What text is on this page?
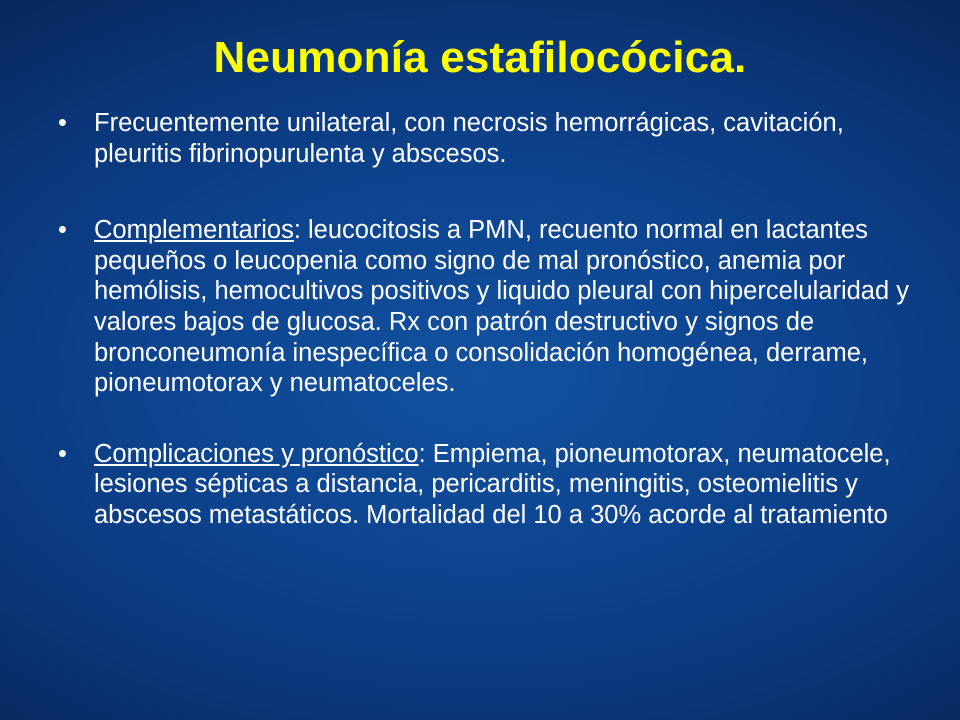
Neumonía estafilocócica.
• Frecuentemente unilateral, con necrosis hemorrágicas, cavitación, pleuritis fibrinopurulenta y abscesos.
• Complementarios: leucocitosis a PMN, recuento normal en lactantes pequeños o leucopenia como signo de mal pronóstico, anemia por hemólisis, hemocultivos positivos y liquido pleural con hipercelularidad y valores bajos de glucosa. Rx con patrón destructivo y signos de bronconeumonía inespecífica o consolidación homogénea, derrame, pioneumotorax y neumatoceles.
• Complicaciones y pronóstico: Empiema, pioneumotorax, neumatocele, lesiones sépticas a distancia, pericarditis, meningitis, osteomielitis y abscesos metastáticos. Mortalidad del 10 a 30% acorde al tratamiento
